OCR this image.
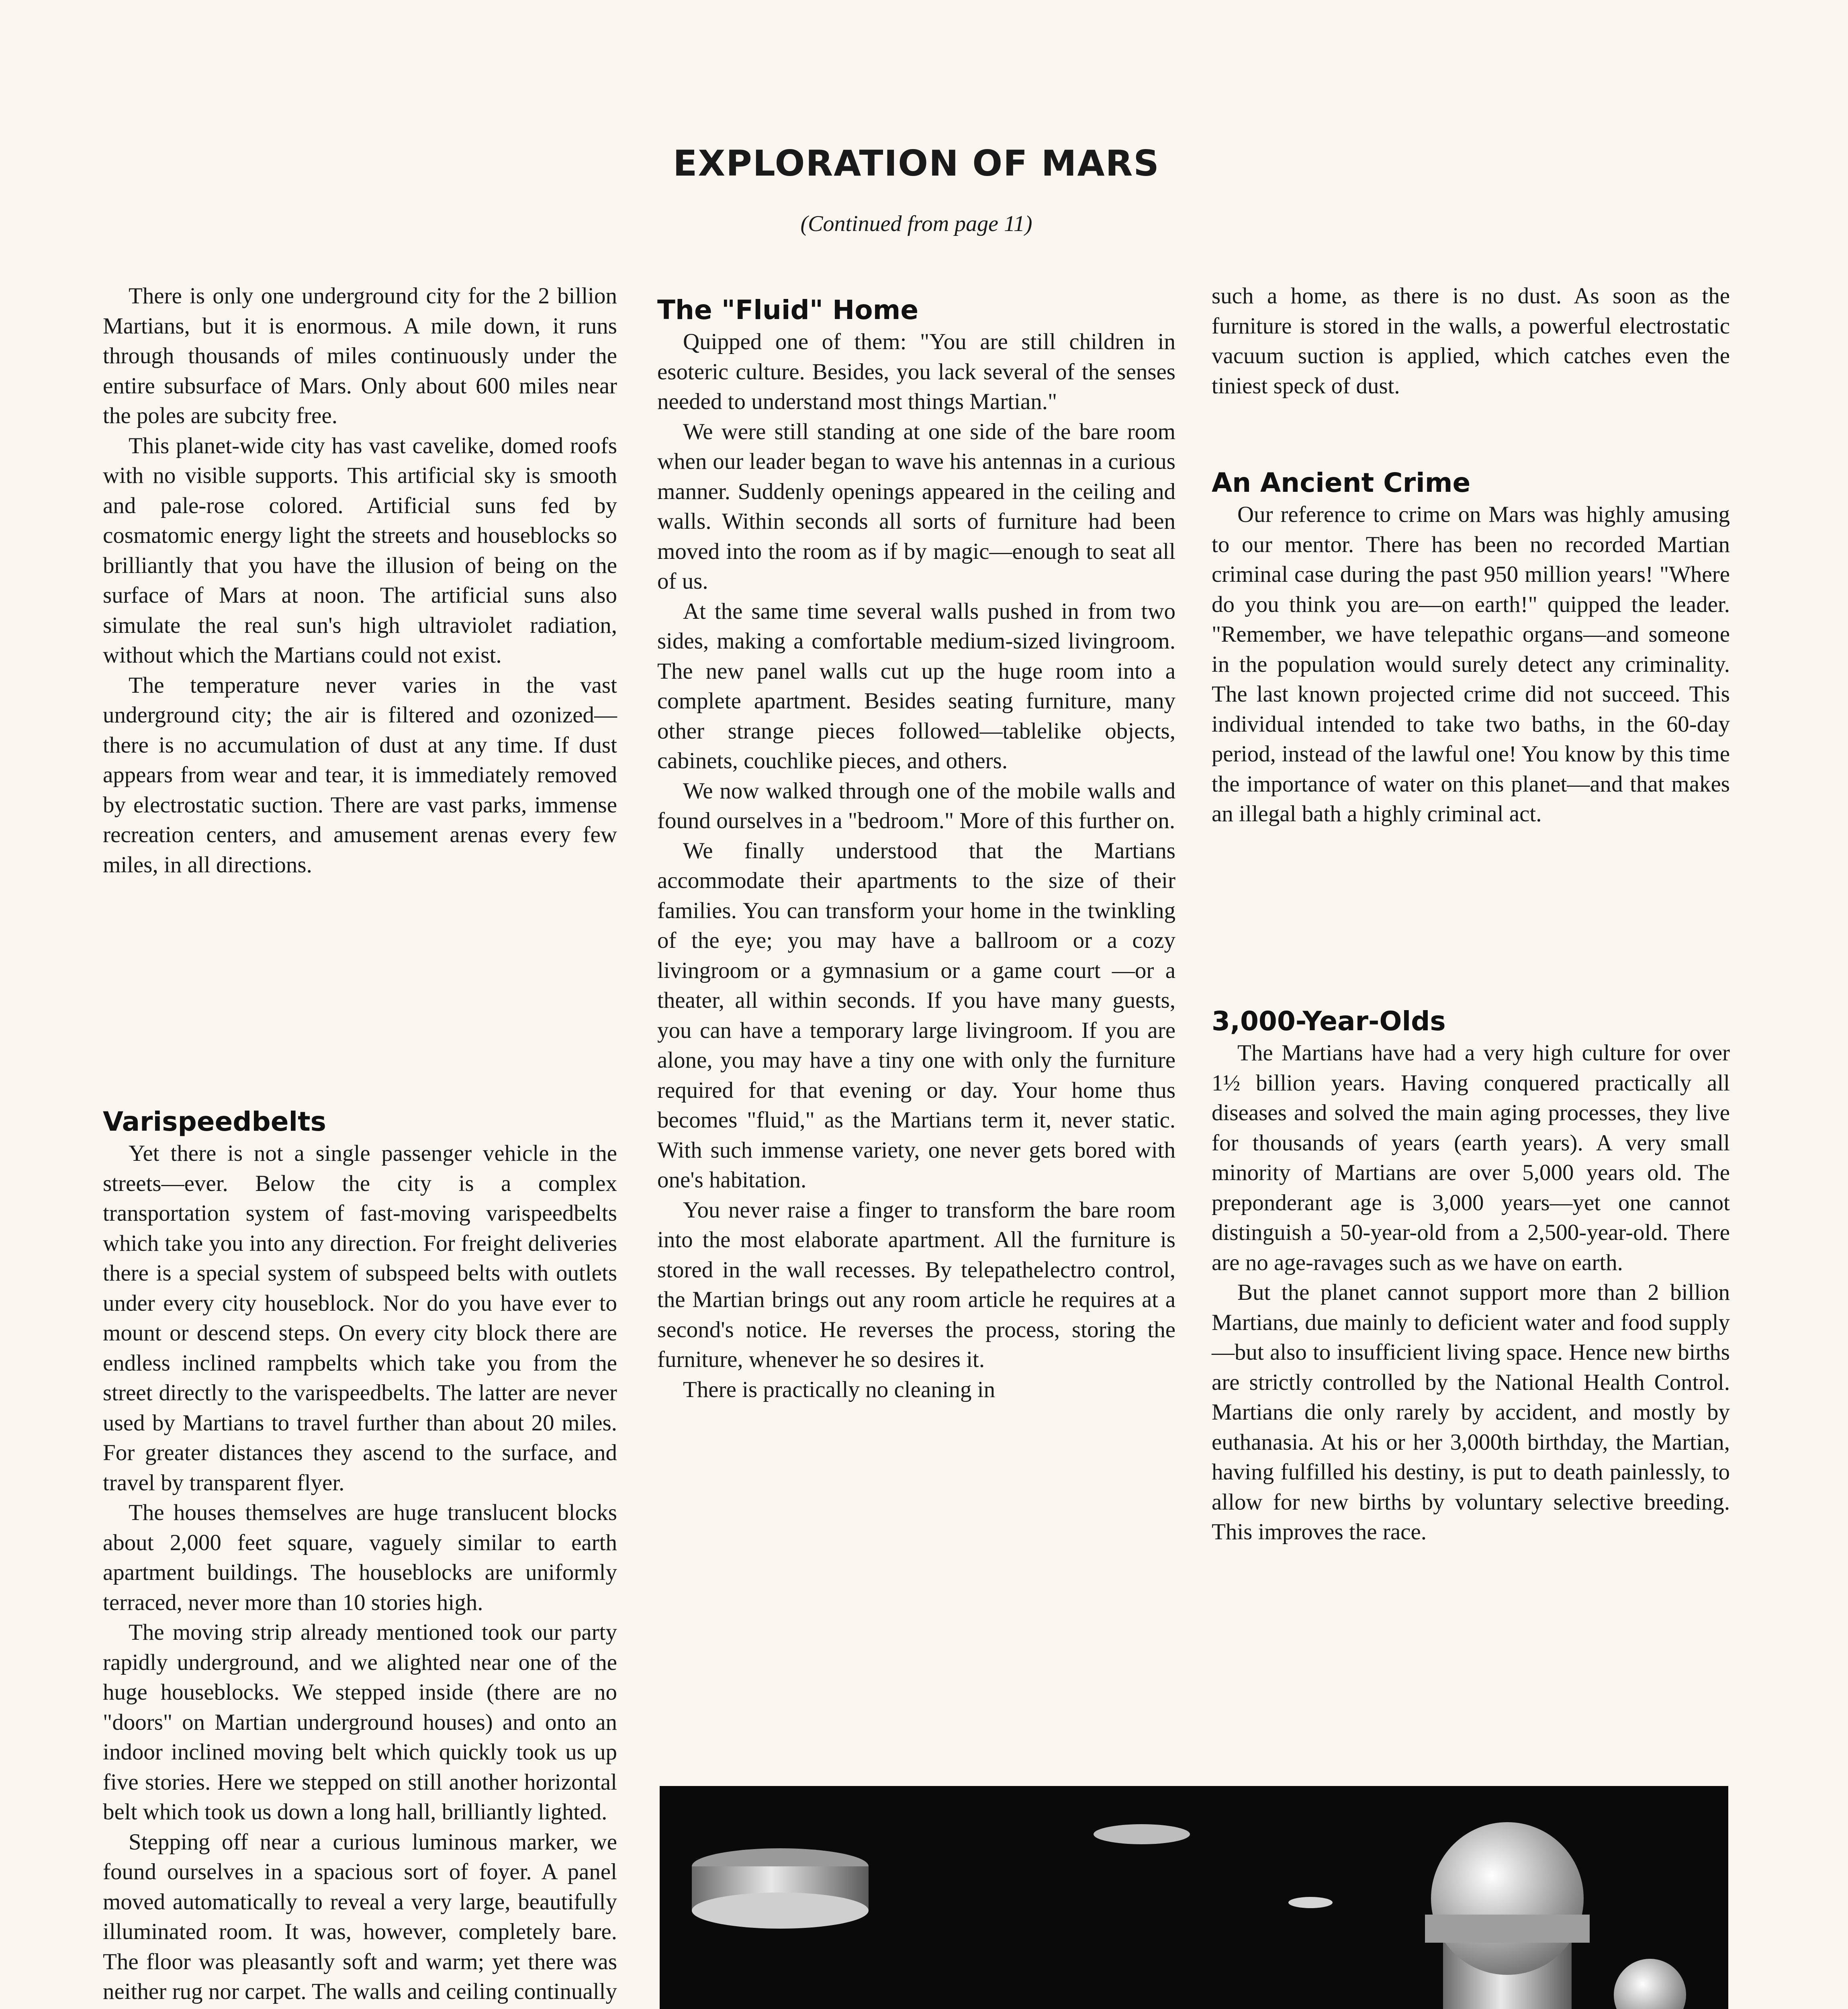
EXPLORATION OF MARS
(Continued from page 11)

There is only one underground city for the 2 billion Martians, but it is enormous. A mile down, it runs through thousands of miles continuously under the entire subsurface of Mars. Only about 600 miles near the poles are subcity free.

This planet-wide city has vast cavelike, domed roofs with no visible supports. This artificial sky is smooth and pale-rose colored. Artificial suns fed by cosmatomic energy light the streets and houseblocks so brilliantly that you have the illusion of being on the surface of Mars at noon. The artificial suns also simulate the real sun's high ultraviolet radiation, without which the Martians could not exist.

The temperature never varies in the vast underground city; the air is filtered and ozonized—there is no accumulation of dust at any time. If dust appears from wear and tear, it is immediately removed by electrostatic suction. There are vast parks, immense recreation centers, and amusement arenas every few miles, in all directions.

Varispeedbelts

Yet there is not a single passenger vehicle in the streets—ever. Below the city is a complex transportation system of fast-moving varispeedbelts which take you into any direction. For freight deliveries there is a special system of subspeed belts with outlets under every city houseblock. Nor do you have ever to mount or descend steps. On every city block there are endless inclined rampbelts which take you from the street directly to the varispeedbelts. The latter are never used by Martians to travel further than about 20 miles. For greater distances they ascend to the surface, and travel by transparent flyer.

The houses themselves are huge translucent blocks about 2,000 feet square, vaguely similar to earth apartment buildings. The houseblocks are uniformly terraced, never more than 10 stories high.

The moving strip already mentioned took our party rapidly underground, and we alighted near one of the huge houseblocks. We stepped inside (there are no "doors" on Martian underground houses) and onto an indoor inclined moving belt which quickly took us up five stories. Here we stepped on still another horizontal belt which took us down a long hall, brilliantly lighted.

Stepping off near a curious luminous marker, we found ourselves in a spacious sort of foyer. A panel moved automatically to reveal a very large, beautifully illuminated room. It was, however, completely bare. The floor was pleasantly soft and warm; yet there was neither rug nor carpet. The walls and ceiling continually

The "Fluid" Home

Quipped one of them: "You are still children in esoteric culture. Besides, you lack several of the senses needed to understand most things Martian."

We were still standing at one side of the bare room when our leader began to wave his antennas in a curious manner. Suddenly openings appeared in the ceiling and walls. Within seconds all sorts of furniture had been moved into the room as if by magic—enough to seat all of us.

At the same time several walls pushed in from two sides, making a comfortable medium-sized livingroom. The new panel walls cut up the huge room into a complete apartment. Besides seating furniture, many other strange pieces followed—tablelike objects, cabinets, couchlike pieces, and others.

We now walked through one of the mobile walls and found ourselves in a "bedroom." More of this further on.

We finally understood that the Martians accommodate their apartments to the size of their families. You can transform your home in the twinkling of the eye; you may have a ballroom or a cozy livingroom or a gymnasium or a game court —or a theater, all within seconds. If you have many guests, you can have a temporary large livingroom. If you are alone, you may have a tiny one with only the furniture required for that evening or day. Your home thus becomes "fluid," as the Martians term it, never static. With such immense variety, one never gets bored with one's habitation.

You never raise a finger to transform the bare room into the most elaborate apartment. All the furniture is stored in the wall recesses. By telepathelectro control, the Martian brings out any room article he requires at a second's notice. He reverses the process, storing the furniture, whenever he so desires it.

There is practically no cleaning in

such a home, as there is no dust. As soon as the furniture is stored in the walls, a powerful electrostatic vacuum suction is applied, which catches even the tiniest speck of dust.

An Ancient Crime

Our reference to crime on Mars was highly amusing to our mentor. There has been no recorded Martian criminal case during the past 950 million years! "Where do you think you are—on earth!" quipped the leader. "Remember, we have telepathic organs—and someone in the population would surely detect any criminality. The last known projected crime did not succeed. This individual intended to take two baths, in the 60-day period, instead of the lawful one! You know by this time the importance of water on this planet—and that makes an illegal bath a highly criminal act.

3,000-Year-Olds

The Martians have had a very high culture for over 1½ billion years. Having conquered practically all diseases and solved the main aging processes, they live for thousands of years (earth years). A very small minority of Martians are over 5,000 years old. The preponderant age is 3,000 years—yet one cannot distinguish a 50-year-old from a 2,500-year-old. There are no age-ravages such as we have on earth.

But the planet cannot support more than 2 billion Martians, due mainly to deficient water and food supply—but also to insufficient living space. Hence new births are strictly controlled by the National Health Control. Martians die only rarely by accident, and mostly by euthanasia. At his or her 3,000th birthday, the Martian, having fulfilled his destiny, is put to death painlessly, to allow for new births by voluntary selective breeding. This improves the race.
